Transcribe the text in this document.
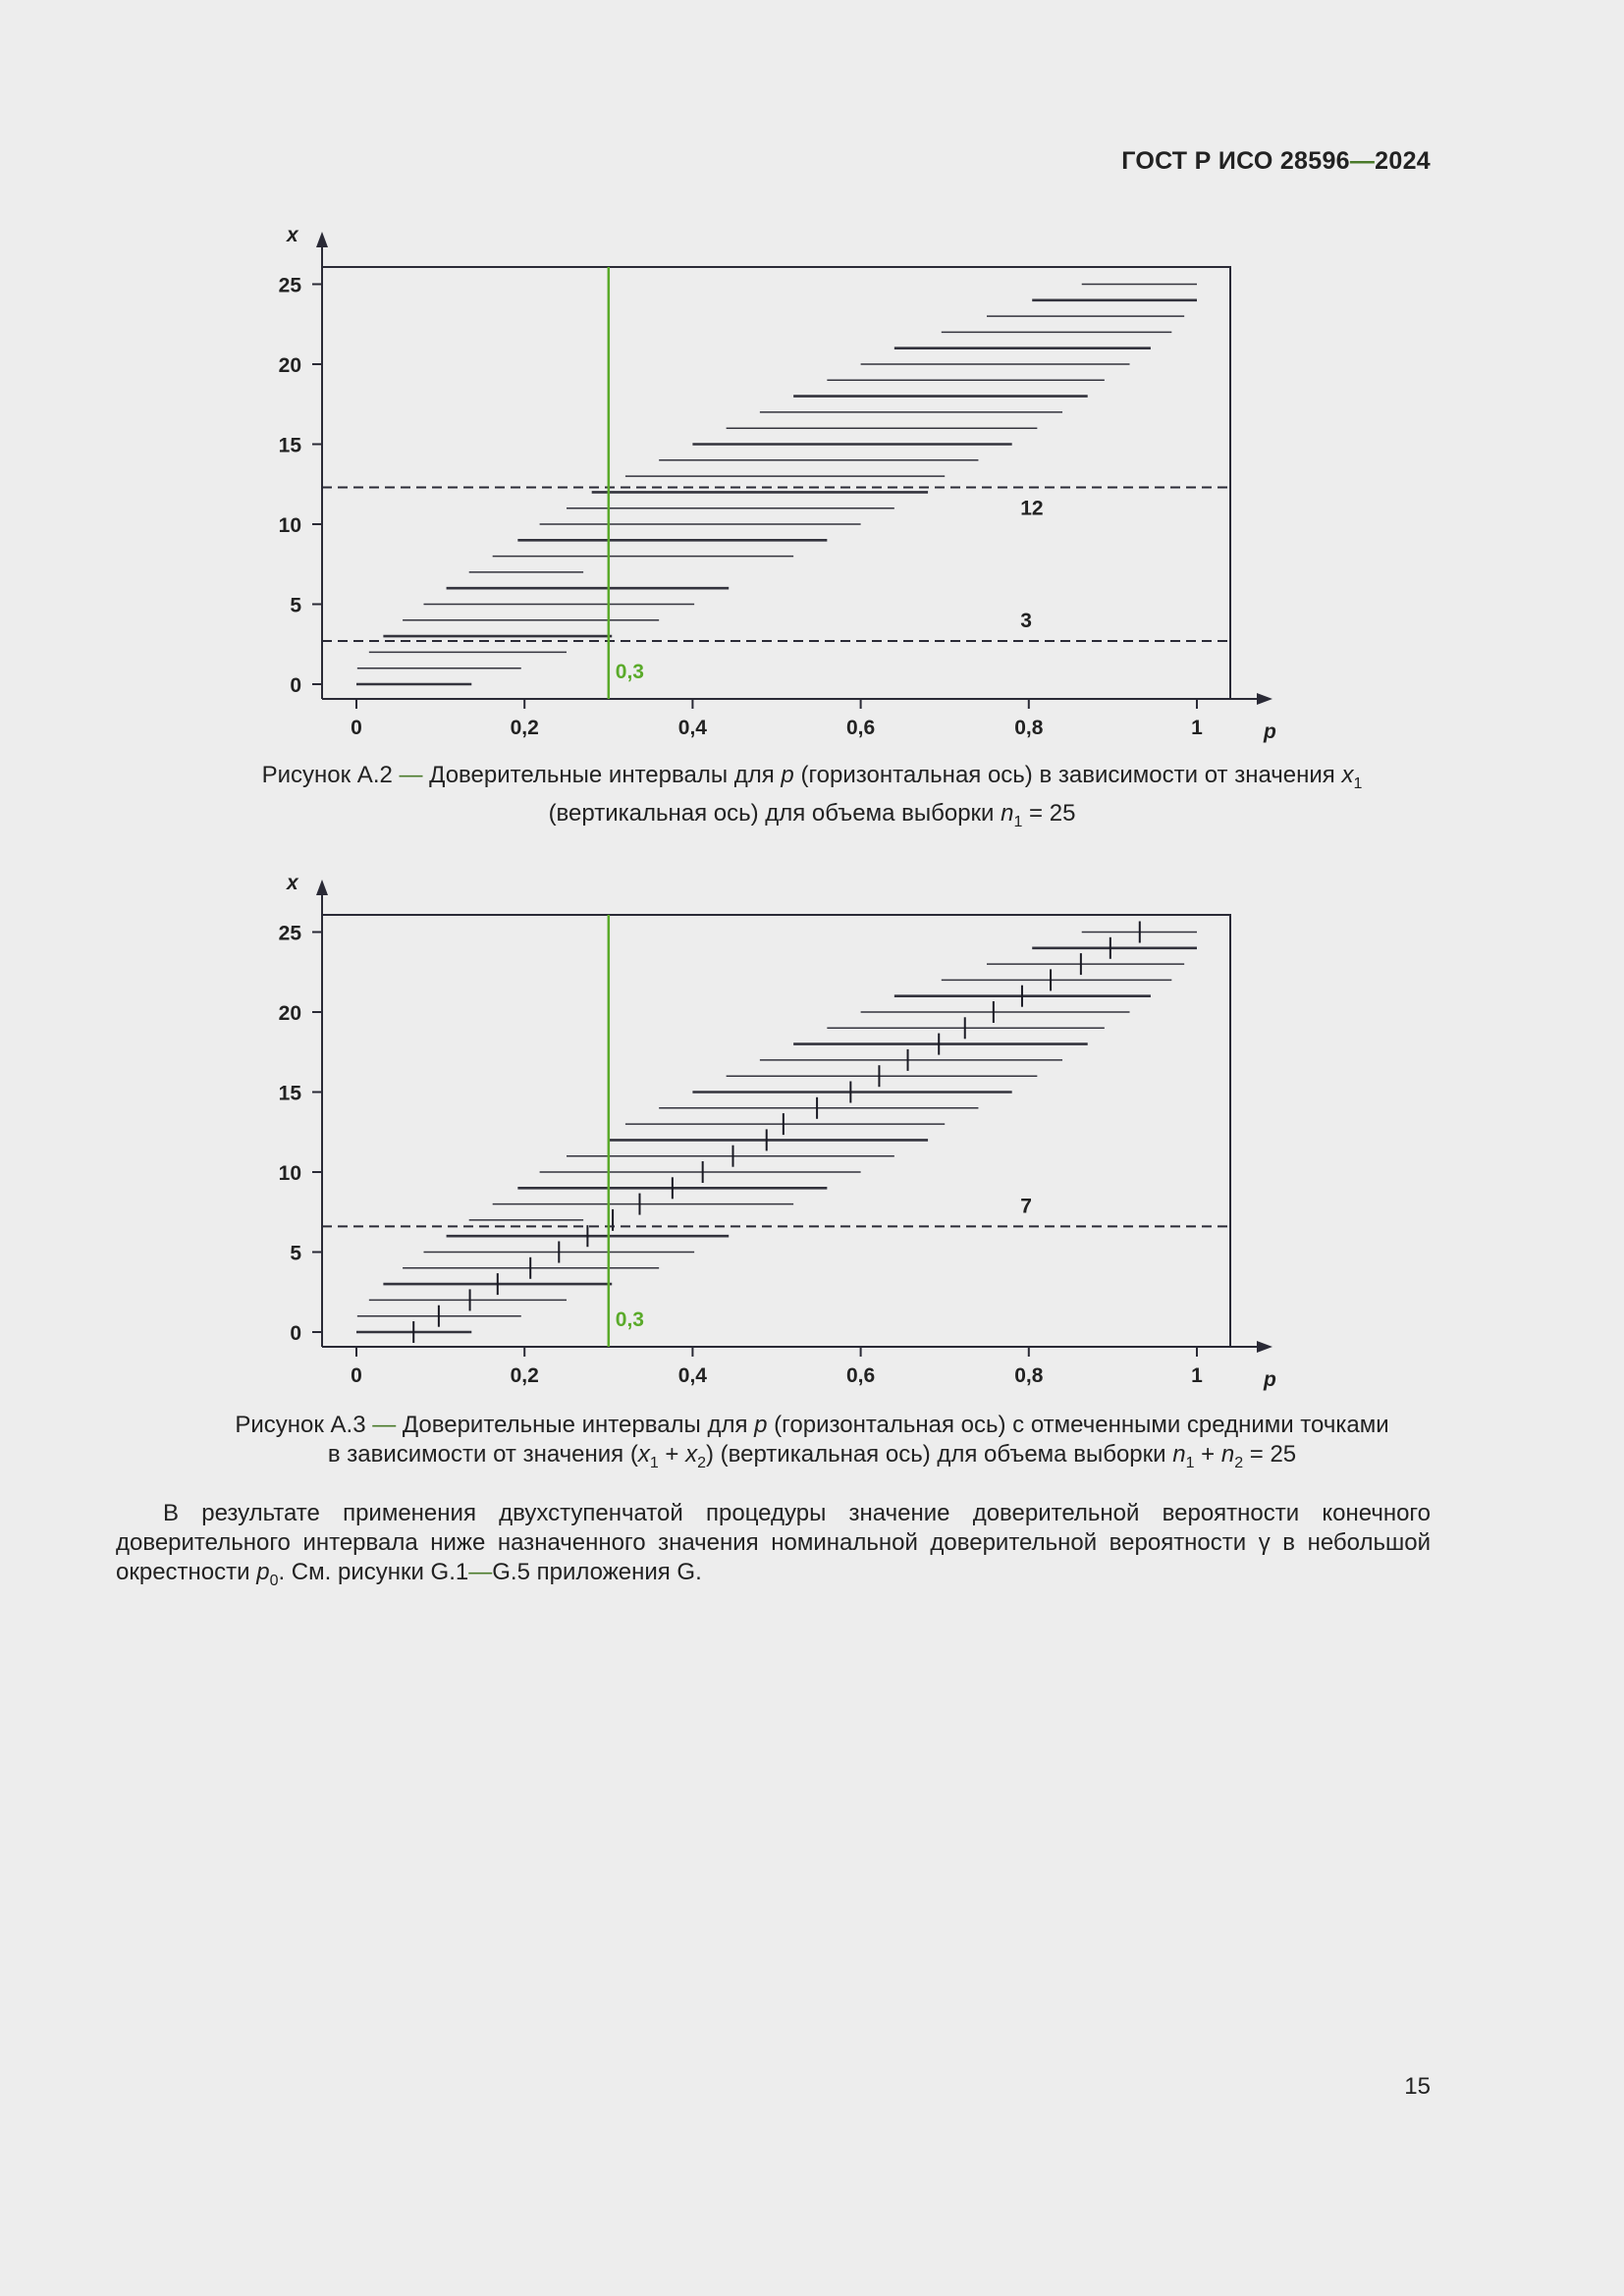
ГОСТ Р ИСО 28596—2024
p
x
0
5
10
15
20
25
0	0,2	0,4	0,6	0,8	1
12
3
0,3
Рисунок А.2 — Доверительные интервалы для p (горизонтальная ось) в зависимости от значения $x_1$
(вертикальная ось) для объема выборки $n_1 = 25$
p
x
0
5
10
15
20
25
0	0,2	0,4	0,6	0,8	1
7
0,3
Рисунок А.3 — Доверительные интервалы для p (горизонтальная ось) с отмеченными средними точками
в зависимости от значения $(x_1 + x_2)$ (вертикальная ось) для объема выборки $n_1 + n_2 = 25$
  В результате применения двухступенчатой процедуры значение доверительной вероятности конечного доверительного интервала ниже назначенного значения номинальной доверительной вероятности γ в небольшой окрестности $p_0$. См. рисунки G.1—G.5 приложения G.
15
